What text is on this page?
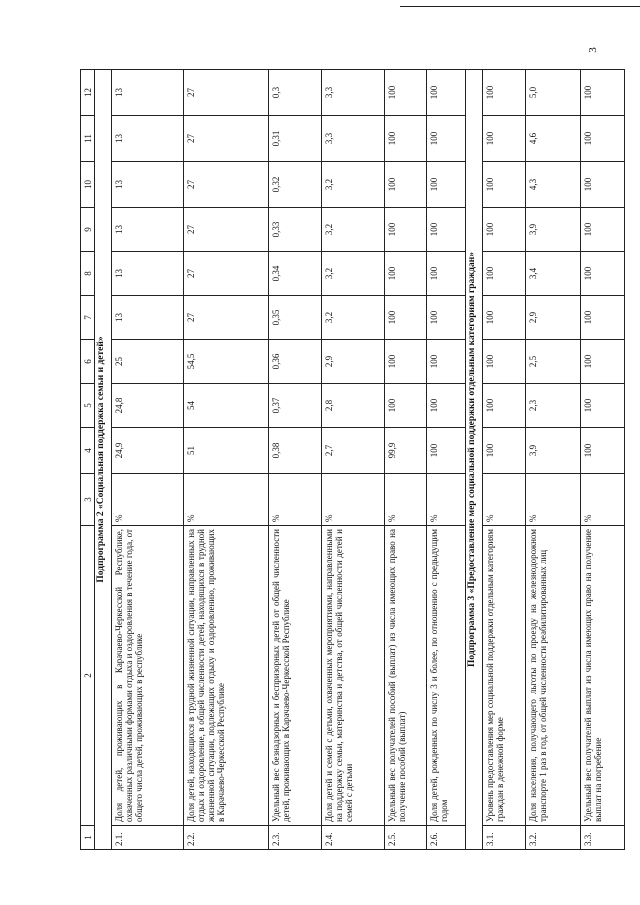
3
1	2	3	4	5	6	7	8	9	10	11	12
Подпрограмма 2 «Социальная поддержка семьи и детей»											
2.1.	Доля детей, проживающих в Карачаево-Черкесской Республике, охваченных различными формами отдыха и оздоровления в течение года, от общего числа детей, проживающих в республике	%	24,9	24,8	25	13	13	13	13	13	13
2.2.	Доля детей, находящихся в трудной жизненной ситуации, направленных на отдых и оздоровление, в общей численности детей, находящихся в трудной жизненной ситуации, подлежащих отдыху и оздоровлению, проживающих в Карачаево-Черкесской Республике	%	51	54	54,5	27	27	27	27	27	27
2.3.	Удельный вес безнадзорных и беспризорных детей от общей численности детей, проживающих в Карачаево-Черкесской Республике	%	0,38	0,37	0,36	0,35	0,34	0,33	0,32	0,31	0,3
2.4.	Доля детей и семей с детьми, охваченных мероприятиями, направленными на поддержку семьи, материнства и детства, от общей численности детей и семей с детьми	%	2,7	2,8	2,9	3,2	3,2	3,2	3,2	3,3	3,3
2.5.	Удельный вес получателей пособий (выплат) из числа имеющих право на получение пособий (выплат)	%	99,9	100	100	100	100	100	100	100	100
2.6.	Доля детей, рожденных по числу 3 и более, по отношению с предыдущим годом	%	100	100	100	100	100	100	100	100	100
Подпрограмма 3 «Предоставление мер социальной поддержки отдельным категориям граждан»											
3.1.	Уровень предоставления мер социальной поддержки отдельным категориям граждан в денежной форме	%	100	100	100	100	100	100	100	100	100
3.2.	Доля населения, получающего льготы по проезду на железнодорожном транспорте 1 раз в год, от общей численности реабилитированных лиц	%	3,9	2,3	2,5	2,9	3,4	3,9	4,3	4,6	5,0
3.3.	Удельный вес получателей выплат из числа имеющих право на получение выплат на погребение	%	100	100	100	100	100	100	100	100	100
